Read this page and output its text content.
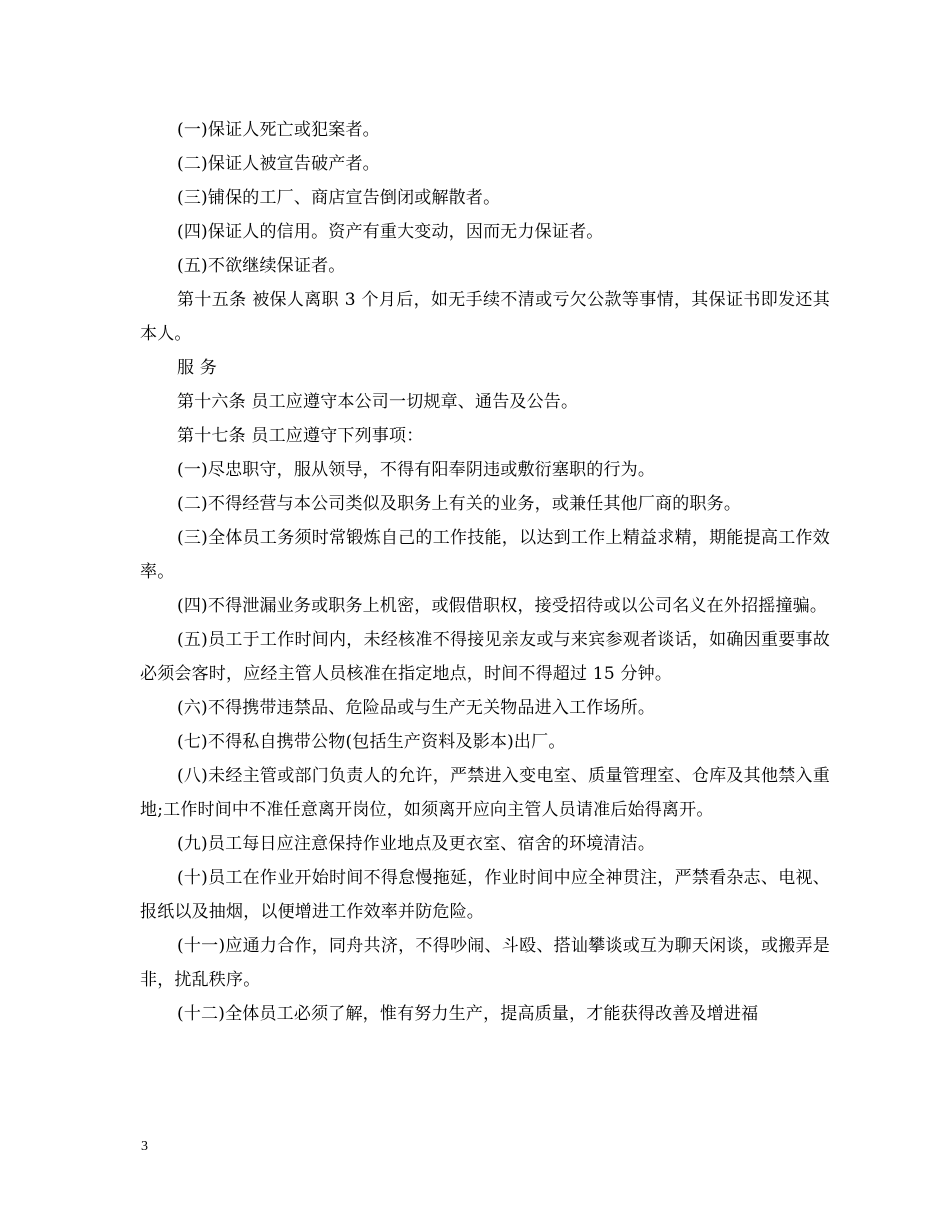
(一)保证人死亡或犯案者。

(二)保证人被宣告破产者。

(三)铺保的工厂、商店宣告倒闭或解散者。

(四)保证人的信用。资产有重大变动，因而无力保证者。

(五)不欲继续保证者。

第十五条 被保人离职 3 个月后，如无手续不清或亏欠公款等事情，其保证书即发还其本人。

服 务

第十六条 员工应遵守本公司一切规章、通告及公告。

第十七条 员工应遵守下列事项：

(一)尽忠职守，服从领导，不得有阳奉阴违或敷衍塞职的行为。

(二)不得经营与本公司类似及职务上有关的业务，或兼任其他厂商的职务。

(三)全体员工务须时常锻炼自己的工作技能，以达到工作上精益求精，期能提高工作效率。

(四)不得泄漏业务或职务上机密，或假借职权，接受招待或以公司名义在外招摇撞骗。

(五)员工于工作时间内，未经核准不得接见亲友或与来宾参观者谈话，如确因重要事故必须会客时，应经主管人员核准在指定地点，时间不得超过 15 分钟。

(六)不得携带违禁品、危险品或与生产无关物品进入工作场所。

(七)不得私自携带公物(包括生产资料及影本)出厂。

(八)未经主管或部门负责人的允许，严禁进入变电室、质量管理室、仓库及其他禁入重地;工作时间中不准任意离开岗位，如须离开应向主管人员请准后始得离开。

(九)员工每日应注意保持作业地点及更衣室、宿舍的环境清洁。

(十)员工在作业开始时间不得怠慢拖延，作业时间中应全神贯注，严禁看杂志、电视、报纸以及抽烟，以便增进工作效率并防危险。

(十一)应通力合作，同舟共济，不得吵闹、斗殴、搭讪攀谈或互为聊天闲谈，或搬弄是非，扰乱秩序。

(十二)全体员工必须了解，惟有努力生产，提高质量，才能获得改善及增进福

3
